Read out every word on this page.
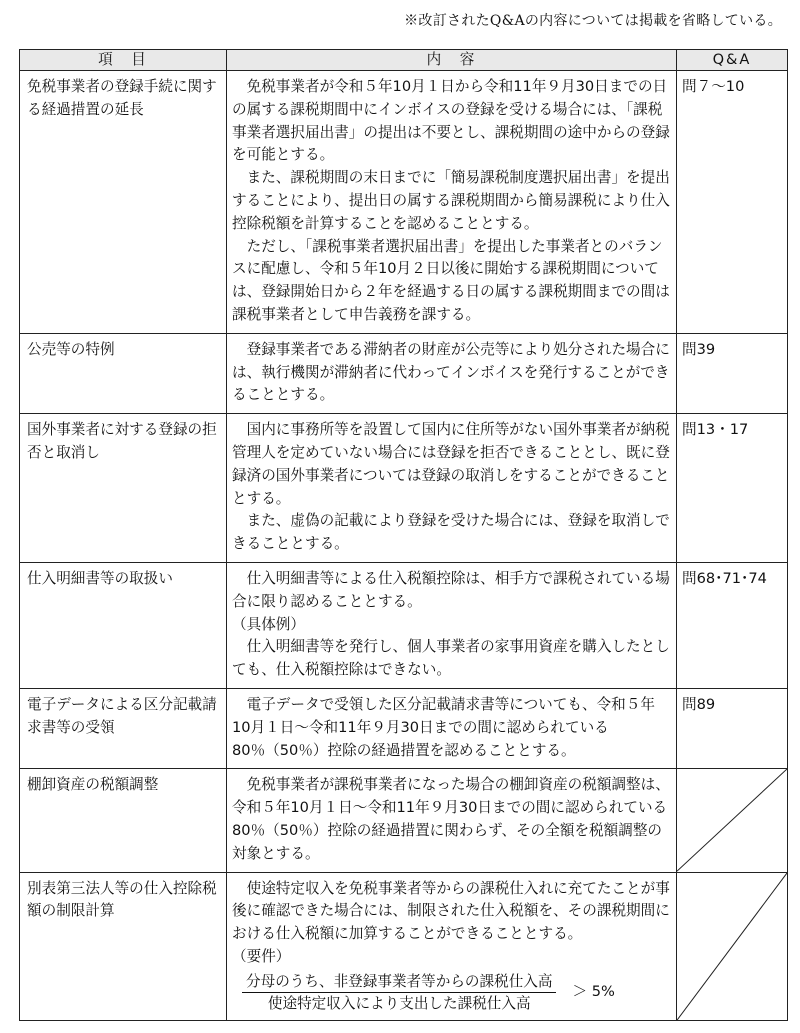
※改訂されたQ&Aの内容については掲載を省略している。
項　目	内　容	Q&A
免税事業者の登録手続に関する経過措置の延長	免税事業者が令和５年10月１日から令和11年９月30日までの日の属する課税期間中にインボイスの登録を受ける場合には、「課税事業者選択届出書」の提出は不要とし、課税期間の途中からの登録を可能とする。
また、課税期間の末日までに「簡易課税制度選択届出書」を提出することにより、提出日の属する課税期間から簡易課税により仕入控除税額を計算することを認めることとする。
ただし、「課税事業者選択届出書」を提出した事業者とのバランスに配慮し、令和５年10月２日以後に開始する課税期間については、登録開始日から２年を経過する日の属する課税期間までの間は課税事業者として申告義務を課する。	問７～10
公売等の特例	登録事業者である滞納者の財産が公売等により処分された場合には、執行機関が滞納者に代わってインボイスを発行することができることとする。	問39
国外事業者に対する登録の拒否と取消し	国内に事務所等を設置して国内に住所等がない国外事業者が納税管理人を定めていない場合には登録を拒否できることとし、既に登録済の国外事業者については登録の取消しをすることができることとする。
また、虚偽の記載により登録を受けた場合には、登録を取消しできることとする。	問13・17
仕入明細書等の取扱い	仕入明細書等による仕入税額控除は、相手方で課税されている場合に限り認めることとする。
（具体例）
仕入明細書等を発行し、個人事業者の家事用資産を購入したとしても、仕入税額控除はできない。	問68･71･74
電子データによる区分記載請求書等の受領	電子データで受領した区分記載請求書等についても、令和５年10月１日～令和11年９月30日までの間に認められている80％（50％）控除の経過措置を認めることとする。	問89
棚卸資産の税額調整	免税事業者が課税事業者になった場合の棚卸資産の税額調整は、令和５年10月１日～令和11年９月30日までの間に認められている80％（50％）控除の経過措置に関わらず、その全額を税額調整の対象とする。

別表第三法人等の仕入控除税額の制限計算	使途特定収入を免税事業者等からの課税仕入れに充てたことが事後に確認できた場合には、制限された仕入税額を、その課税期間における仕入税額に加算することができることとする。
（要件）
$\frac{\text{分母のうち、非登録事業者等からの課税仕入高}}{\text{使途特定収入により支出した課税仕入高}} > 5\%$
